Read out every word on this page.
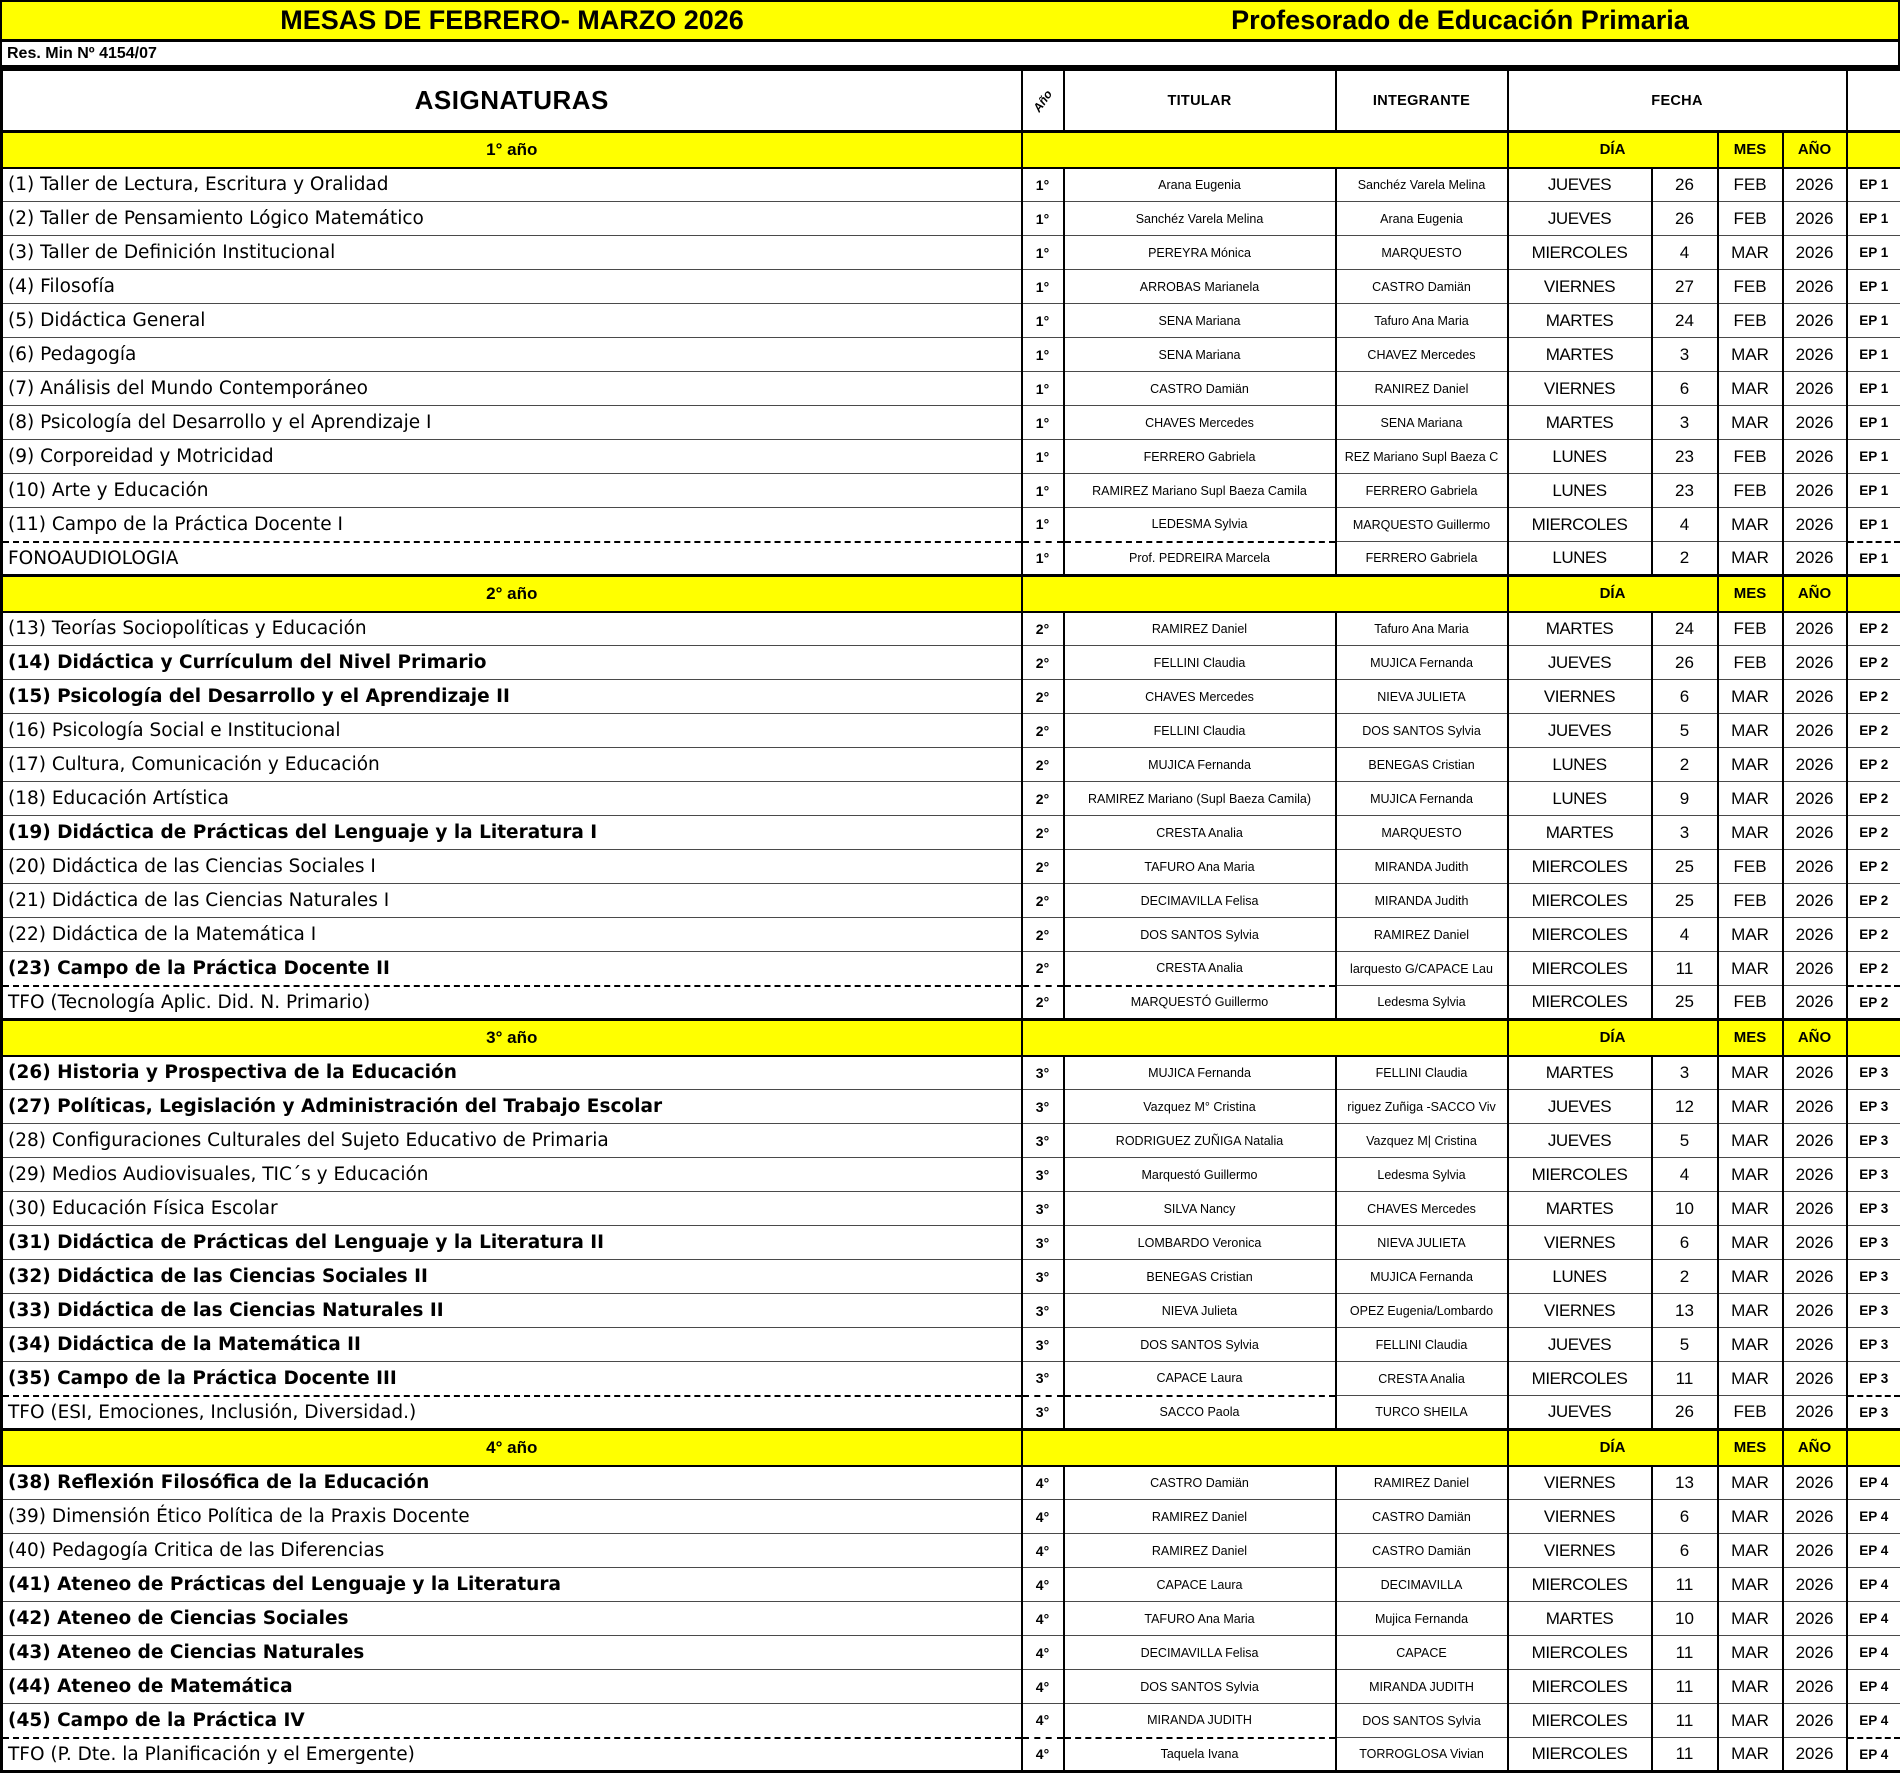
MESAS DE FEBRERO- MARZO 2026	Profesorado de Educación Primaria
Res. Min Nº 4154/07
ASIGNATURAS	Año	TITULAR	INTEGRANTE	FECHA				
1° año				DÍA		MES	AÑO	
(1) Taller de Lectura, Escritura y Oralidad	1°	Arana Eugenia	Sanchéz Varela Melina	JUEVES	26	FEB	2026	EP 1
(2) Taller de Pensamiento Lógico Matemático	1°	Sanchéz Varela Melina	Arana Eugenia	JUEVES	26	FEB	2026	EP 1
(3) Taller de Definición Institucional	1°	PEREYRA Mónica	MARQUESTO	MIERCOLES	4	MAR	2026	EP 1
(4) Filosofía	1°	ARROBAS Marianela	CASTRO Damiän	VIERNES	27	FEB	2026	EP 1
(5) Didáctica General	1°	SENA Mariana	Tafuro Ana Maria	MARTES	24	FEB	2026	EP 1
(6) Pedagogía	1°	SENA Mariana	CHAVEZ Mercedes	MARTES	3	MAR	2026	EP 1
(7) Análisis del Mundo Contemporáneo	1°	CASTRO Damiän	RANIREZ Daniel	VIERNES	6	MAR	2026	EP 1
(8) Psicología del Desarrollo y el Aprendizaje I	1°	CHAVES Mercedes	SENA Mariana	MARTES	3	MAR	2026	EP 1
(9) Corporeidad y Motricidad	1°	FERRERO Gabriela	REZ Mariano Supl Baeza C	LUNES	23	FEB	2026	EP 1
(10) Arte y Educación	1°	RAMIREZ Mariano Supl Baeza Camila	FERRERO Gabriela	LUNES	23	FEB	2026	EP 1
(11) Campo de la Práctica Docente I	1°	LEDESMA Sylvia	MARQUESTO Guillermo	MIERCOLES	4	MAR	2026	EP 1
FONOAUDIOLOGIA	1°	Prof. PEDREIRA Marcela	FERRERO Gabriela	LUNES	2	MAR	2026	EP 1
2° año				DÍA		MES	AÑO	
(13) Teorías Sociopolíticas y Educación	2°	RAMIREZ Daniel	Tafuro Ana Maria	MARTES	24	FEB	2026	EP 2
(14) Didáctica y Currículum del Nivel Primario	2°	FELLINI Claudia	MUJICA Fernanda	JUEVES	26	FEB	2026	EP 2
(15) Psicología del Desarrollo y el Aprendizaje II	2°	CHAVES Mercedes	NIEVA JULIETA	VIERNES	6	MAR	2026	EP 2
(16) Psicología Social e Institucional	2°	FELLINI Claudia	DOS SANTOS Sylvia	JUEVES	5	MAR	2026	EP 2
(17) Cultura, Comunicación y Educación	2°	MUJICA Fernanda	BENEGAS Cristian	LUNES	2	MAR	2026	EP 2
(18) Educación Artística	2°	RAMIREZ Mariano (Supl Baeza Camila)	MUJICA Fernanda	LUNES	9	MAR	2026	EP 2
(19) Didáctica de Prácticas del Lenguaje y la Literatura I	2°	CRESTA Analia	MARQUESTO	MARTES	3	MAR	2026	EP 2
(20) Didáctica de las Ciencias Sociales I	2°	TAFURO Ana Maria	MIRANDA Judith	MIERCOLES	25	FEB	2026	EP 2
(21) Didáctica de las Ciencias Naturales I	2°	DECIMAVILLA Felisa	MIRANDA Judith	MIERCOLES	25	FEB	2026	EP 2
(22) Didáctica de la Matemática I	2°	DOS SANTOS Sylvia	RAMIREZ Daniel	MIERCOLES	4	MAR	2026	EP 2
(23) Campo de la Práctica Docente II	2°	CRESTA Analia	larquesto G/CAPACE Lau	MIERCOLES	11	MAR	2026	EP 2
TFO (Tecnología Aplic. Did. N. Primario)	2°	MARQUESTÓ Guillermo	Ledesma Sylvia	MIERCOLES	25	FEB	2026	EP 2
3° año				DÍA		MES	AÑO	
(26) Historia y Prospectiva de la Educación	3°	MUJICA Fernanda	FELLINI Claudia	MARTES	3	MAR	2026	EP 3
(27) Políticas, Legislación y Administración del Trabajo Escolar	3°	Vazquez M° Cristina	riguez Zuñiga -SACCO Viv	JUEVES	12	MAR	2026	EP 3
(28) Configuraciones Culturales del Sujeto Educativo de Primaria	3°	RODRIGUEZ ZUÑIGA Natalia	Vazquez M| Cristina	JUEVES	5	MAR	2026	EP 3
(29) Medios Audiovisuales, TIC´s y Educación	3°	Marquestó Guillermo	Ledesma Sylvia	MIERCOLES	4	MAR	2026	EP 3
(30) Educación Física Escolar	3°	SILVA Nancy	CHAVES Mercedes	MARTES	10	MAR	2026	EP 3
(31) Didáctica de Prácticas del Lenguaje y la Literatura II	3°	LOMBARDO Veronica	NIEVA JULIETA	VIERNES	6	MAR	2026	EP 3
(32) Didáctica de las Ciencias Sociales II	3°	BENEGAS Cristian	MUJICA Fernanda	LUNES	2	MAR	2026	EP 3
(33) Didáctica de las Ciencias Naturales II	3°	NIEVA Julieta	OPEZ Eugenia/Lombardo	VIERNES	13	MAR	2026	EP 3
(34) Didáctica de la Matemática II	3°	DOS SANTOS Sylvia	FELLINI Claudia	JUEVES	5	MAR	2026	EP 3
(35) Campo de la Práctica Docente III	3°	CAPACE Laura	CRESTA Analia	MIERCOLES	11	MAR	2026	EP 3
TFO (ESI, Emociones, Inclusión, Diversidad.)	3°	SACCO Paola	TURCO SHEILA	JUEVES	26	FEB	2026	EP 3
4° año				DÍA		MES	AÑO	
(38) Reflexión Filosófica de la Educación	4°	CASTRO Damiän	RAMIREZ Daniel	VIERNES	13	MAR	2026	EP 4
(39) Dimensión Ético Política de la Praxis Docente	4°	RAMIREZ Daniel	CASTRO Damiän	VIERNES	6	MAR	2026	EP 4
(40) Pedagogía Critica de las Diferencias	4°	RAMIREZ Daniel	CASTRO Damiän	VIERNES	6	MAR	2026	EP 4
(41) Ateneo de Prácticas del Lenguaje y la Literatura	4°	CAPACE Laura	DECIMAVILLA	MIERCOLES	11	MAR	2026	EP 4
(42) Ateneo de Ciencias Sociales	4°	TAFURO Ana Maria	Mujica Fernanda	MARTES	10	MAR	2026	EP 4
(43) Ateneo de Ciencias Naturales	4°	DECIMAVILLA Felisa	CAPACE	MIERCOLES	11	MAR	2026	EP 4
(44) Ateneo de Matemática	4°	DOS SANTOS Sylvia	MIRANDA JUDITH	MIERCOLES	11	MAR	2026	EP 4
(45) Campo de la Práctica IV	4°	MIRANDA JUDITH	DOS SANTOS Sylvia	MIERCOLES	11	MAR	2026	EP 4
TFO (P. Dte. la Planificación y el Emergente)	4°	Taquela Ivana	TORROGLOSA Vivian	MIERCOLES	11	MAR	2026	EP 4
